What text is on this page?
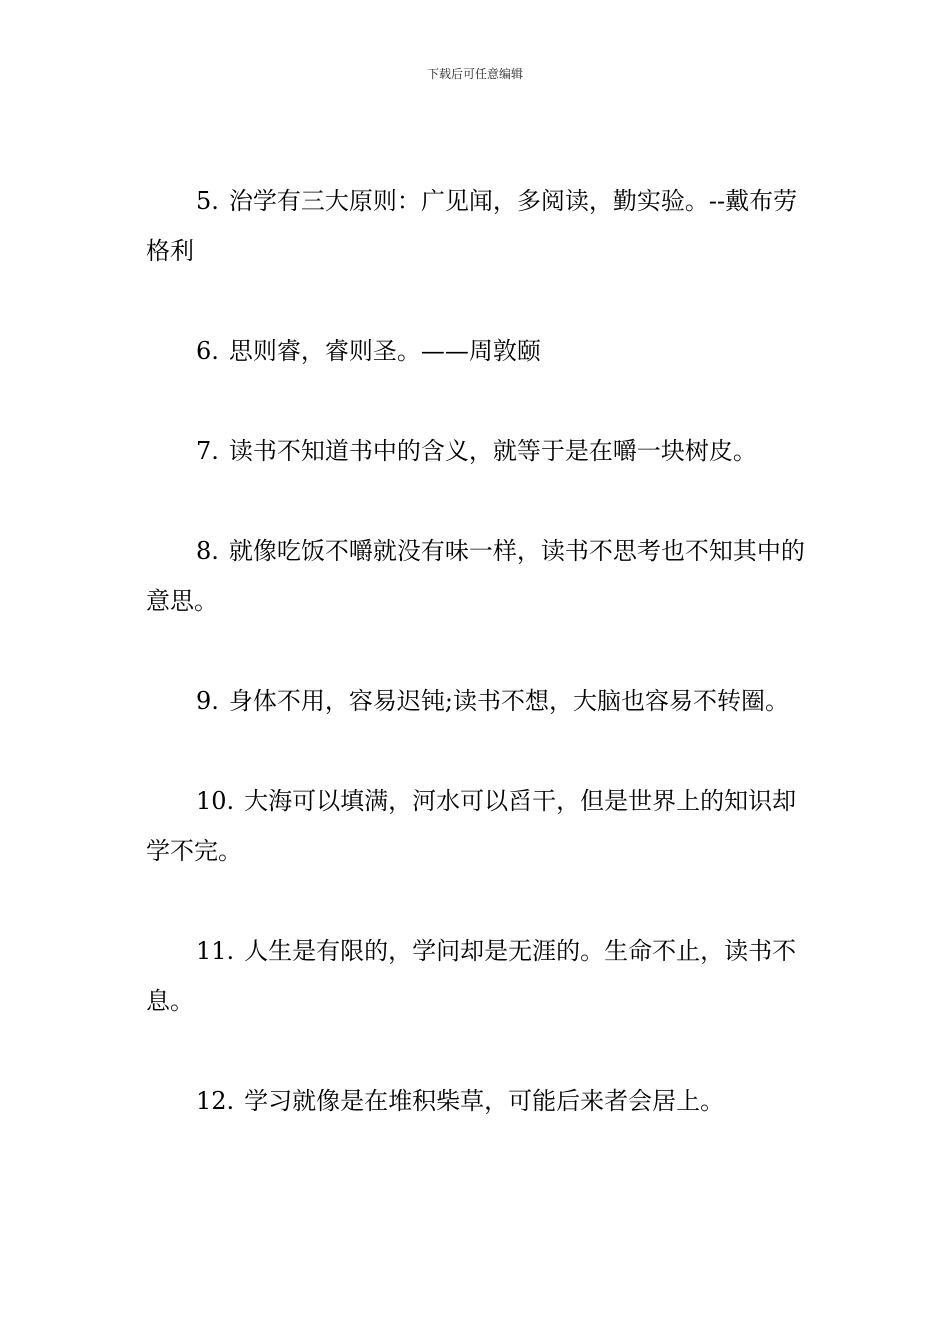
下载后可任意编辑

5. 治学有三大原则：广见闻，多阅读，勤实验。--戴布劳格利

6. 思则睿，睿则圣。——周敦颐

7. 读书不知道书中的含义，就等于是在嚼一块树皮。

8. 就像吃饭不嚼就没有味一样，读书不思考也不知其中的意思。

9. 身体不用，容易迟钝;读书不想，大脑也容易不转圈。

10. 大海可以填满，河水可以舀干，但是世界上的知识却学不完。

11. 人生是有限的，学问却是无涯的。生命不止，读书不息。

12. 学习就像是在堆积柴草，可能后来者会居上。
